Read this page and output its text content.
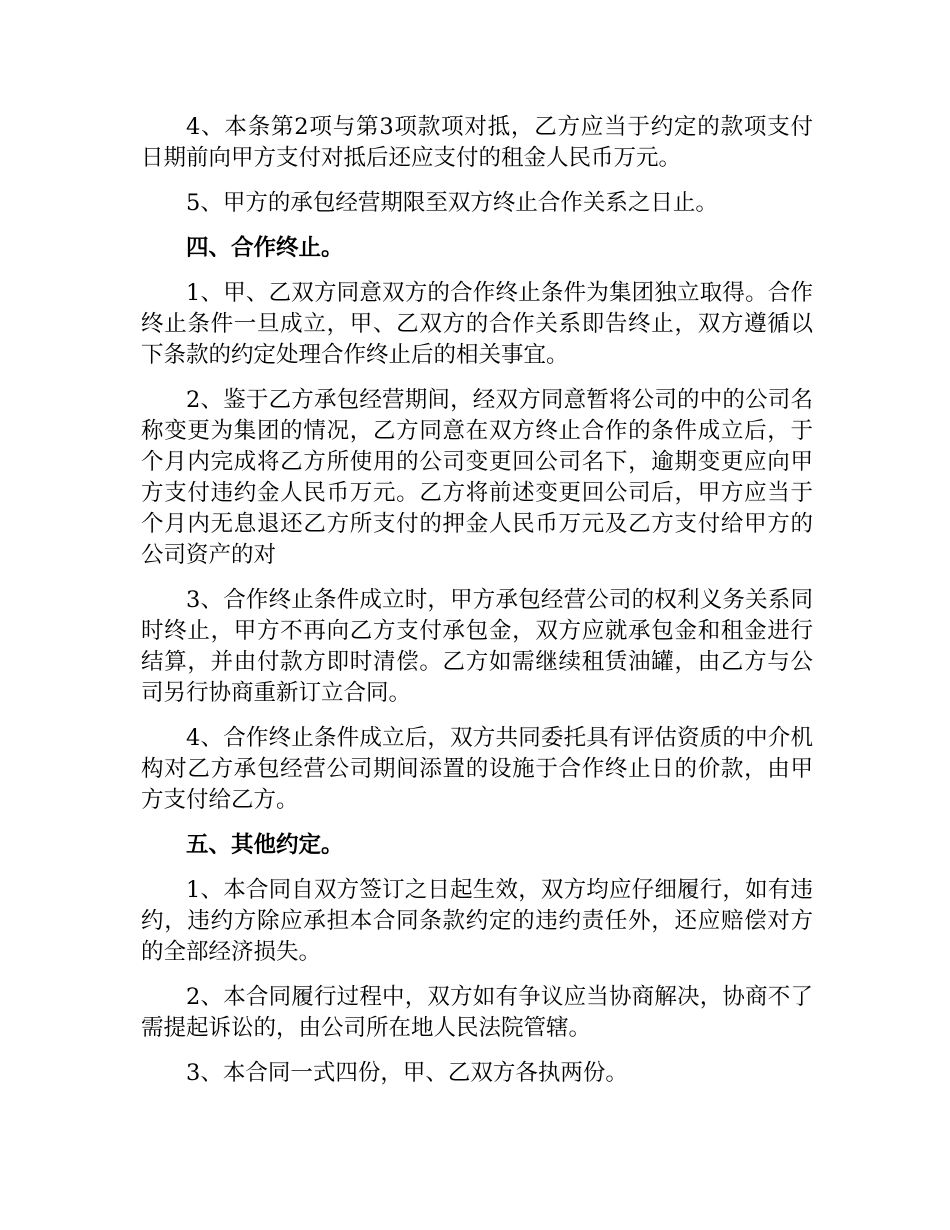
4、本条第2项与第3项款项对抵，乙方应当于约定的款项支付日期前向甲方支付对抵后还应支付的租金人民币万元。

5、甲方的承包经营期限至双方终止合作关系之日止。

四、合作终止。

1、甲、乙双方同意双方的合作终止条件为集团独立取得。合作终止条件一旦成立，甲、乙双方的合作关系即告终止，双方遵循以下条款的约定处理合作终止后的相关事宜。

2、鉴于乙方承包经营期间，经双方同意暂将公司的中的公司名称变更为集团的情况，乙方同意在双方终止合作的条件成立后，于个月内完成将乙方所使用的公司变更回公司名下，逾期变更应向甲方支付违约金人民币万元。乙方将前述变更回公司后，甲方应当于个月内无息退还乙方所支付的押金人民币万元及乙方支付给甲方的公司资产的对

3、合作终止条件成立时，甲方承包经营公司的权利义务关系同时终止，甲方不再向乙方支付承包金，双方应就承包金和租金进行结算，并由付款方即时清偿。乙方如需继续租赁油罐，由乙方与公司另行协商重新订立合同。

4、合作终止条件成立后，双方共同委托具有评估资质的中介机构对乙方承包经营公司期间添置的设施于合作终止日的价款，由甲方支付给乙方。

五、其他约定。

1、本合同自双方签订之日起生效，双方均应仔细履行，如有违约，违约方除应承担本合同条款约定的违约责任外，还应赔偿对方的全部经济损失。

2、本合同履行过程中，双方如有争议应当协商解决，协商不了需提起诉讼的，由公司所在地人民法院管辖。

3、本合同一式四份，甲、乙双方各执两份。
